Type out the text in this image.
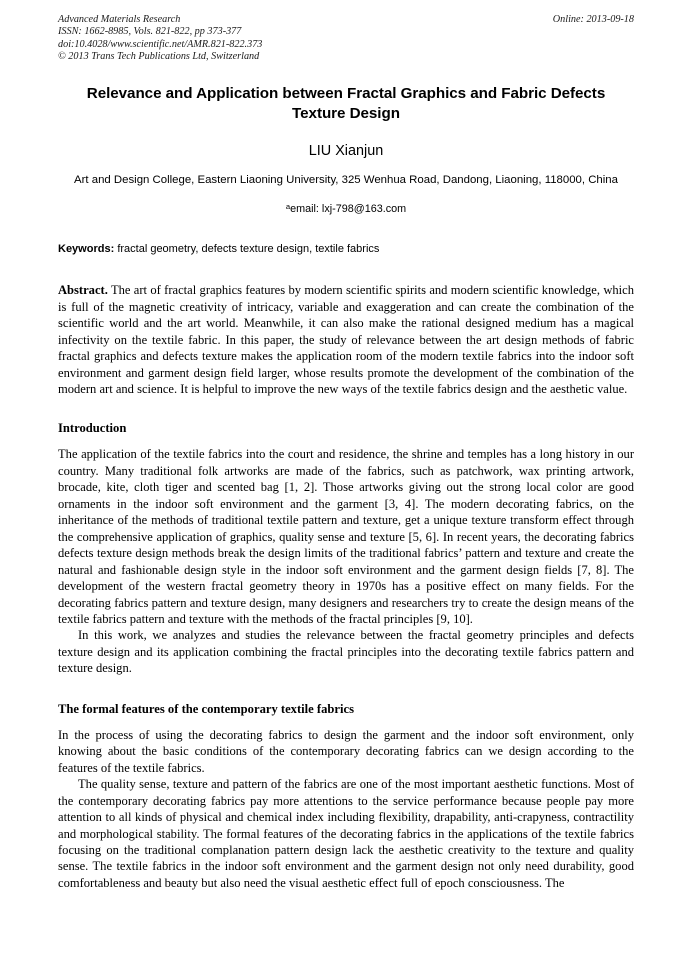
Advanced Materials Research
ISSN: 1662-8985, Vols. 821-822, pp 373-377
doi:10.4028/www.scientific.net/AMR.821-822.373
© 2013 Trans Tech Publications Ltd, Switzerland
Online: 2013-09-18
Relevance and Application between Fractal Graphics and Fabric Defects Texture Design
LIU Xianjun
Art and Design College, Eastern Liaoning University, 325 Wenhua Road, Dandong, Liaoning, 118000, China
$^a$email: lxj-798@163.com
Keywords: fractal geometry, defects texture design, textile fabrics

Abstract. The art of fractal graphics features by modern scientific spirits and modern scientific knowledge, which is full of the magnetic creativity of intricacy, variable and exaggeration and can create the combination of the scientific world and the art world. Meanwhile, it can also make the rational designed medium has a magical infectivity on the textile fabric. In this paper, the study of relevance between the art design methods of fabric fractal graphics and defects texture makes the application room of the modern textile fabrics into the indoor soft environment and garment design field larger, whose results promote the development of the combination of the modern art and science. It is helpful to improve the new ways of the textile fabrics design and the aesthetic value.

Introduction

The application of the textile fabrics into the court and residence, the shrine and temples has a long history in our country. Many traditional folk artworks are made of the fabrics, such as patchwork, wax printing artwork, brocade, kite, cloth tiger and scented bag [1, 2]. Those artworks giving out the strong local color are good ornaments in the indoor soft environment and the garment [3, 4]. The modern decorating fabrics, on the inheritance of the methods of traditional textile pattern and texture, get a unique texture transform effect through the comprehensive application of graphics, quality sense and texture [5, 6]. In recent years, the decorating fabrics defects texture design methods break the design limits of the traditional fabrics’ pattern and texture and create the natural and fashionable design style in the indoor soft environment and the garment design fields [7, 8]. The development of the western fractal geometry theory in 1970s has a positive effect on many fields. For the decorating fabrics pattern and texture design, many designers and researchers try to create the design means of the textile fabrics pattern and texture with the methods of the fractal principles [9, 10].

In this work, we analyzes and studies the relevance between the fractal geometry principles and defects texture design and its application combining the fractal principles into the decorating textile fabrics pattern and texture design.

The formal features of the contemporary textile fabrics

In the process of using the decorating fabrics to design the garment and the indoor soft environment, only knowing about the basic conditions of the contemporary decorating fabrics can we design according to the features of the textile fabrics.

The quality sense, texture and pattern of the fabrics are one of the most important aesthetic functions. Most of the contemporary decorating fabrics pay more attentions to the service performance because people pay more attention to all kinds of physical and chemical index including flexibility, drapability, anti-crapyness, contractility and morphological stability. The formal features of the decorating fabrics in the applications of the textile fabrics focusing on the traditional complanation pattern design lack the aesthetic creativity to the texture and quality sense. The textile fabrics in the indoor soft environment and the garment design not only need durability, good comfortableness and beauty but also need the visual aesthetic effect full of epoch consciousness. The
